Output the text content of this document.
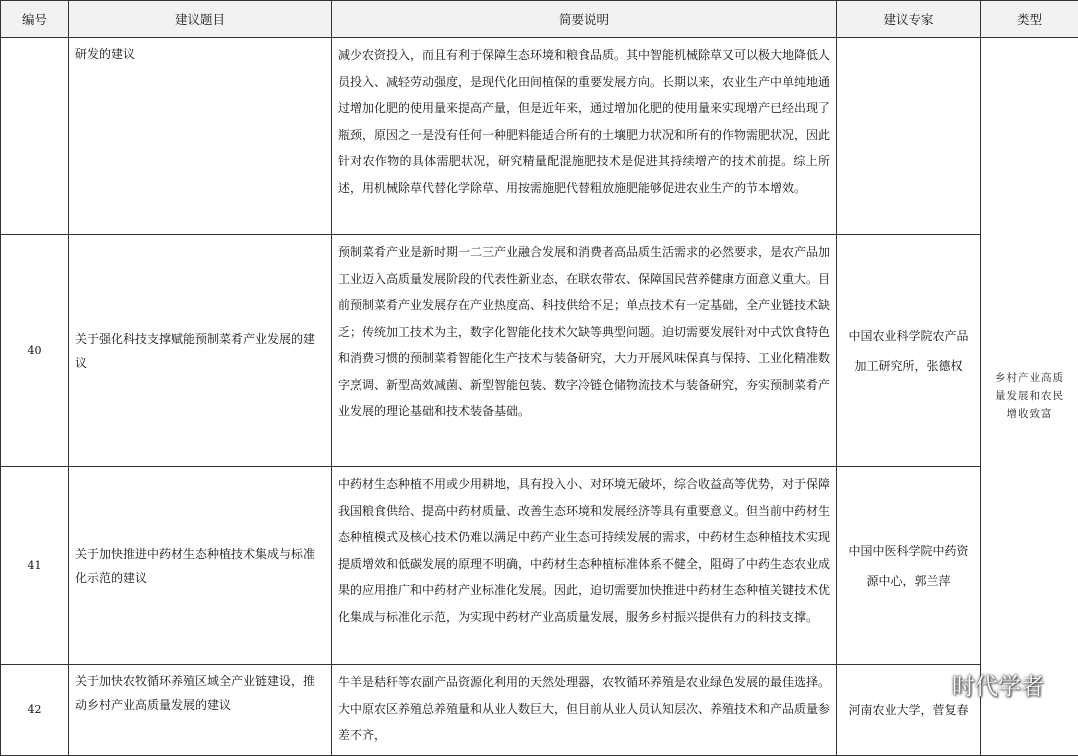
编号	建议题目	简要说明	建议专家	类型
	研发的建议	减少农资投入，而且有利于保障生态环境和粮食品质。其中智能机械除草又可以极大地降低人员投入、减轻劳动强度，是现代化田间植保的重要发展方向。长期以来，农业生产中单纯地通过增加化肥的使用量来提高产量，但是近年来，通过增加化肥的使用量来实现增产已经出现了瓶颈，原因之一是没有任何一种肥料能适合所有的土壤肥力状况和所有的作物需肥状况，因此针对农作物的具体需肥状况，研究精量配混施肥技术是促进其持续增产的技术前提。综上所述，用机械除草代替化学除草、用按需施肥代替粗放施肥能够促进农业生产的节本增效。		乡村产业高质量发展和农民增收致富
40	关于强化科技支撑赋能预制菜肴产业发展的建议	预制菜肴产业是新时期一二三产业融合发展和消费者高品质生活需求的必然要求，是农产品加工业迈入高质量发展阶段的代表性新业态，在联农带农、保障国民营养健康方面意义重大。目前预制菜肴产业发展存在产业热度高、科技供给不足；单点技术有一定基础，全产业链技术缺乏；传统加工技术为主，数字化智能化技术欠缺等典型问题。迫切需要发展针对中式饮食特色和消费习惯的预制菜肴智能化生产技术与装备研究，大力开展风味保真与保持、工业化精准数字烹调、新型高效减菌、新型智能包装、数字冷链仓储物流技术与装备研究，夯实预制菜肴产业发展的理论基础和技术装备基础。	中国农业科学院农产品加工研究所，张德权	
41	关于加快推进中药材生态种植技术集成与标准化示范的建议	中药材生态种植不用或少用耕地，具有投入小、对环境无破坏，综合收益高等优势，对于保障我国粮食供给、提高中药材质量、改善生态环境和发展经济等具有重要意义。但当前中药材生态种植模式及核心技术仍难以满足中药产业生态可持续发展的需求，中药材生态种植技术实现提质增效和低碳发展的原理不明确，中药材生态种植标准体系不健全，阻碍了中药生态农业成果的应用推广和中药材产业标准化发展。因此，迫切需要加快推进中药材生态种植关键技术优化集成与标准化示范，为实现中药材产业高质量发展，服务乡村振兴提供有力的科技支撑。	中国中医科学院中药资源中心，郭兰萍	
42	关于加快农牧循环养殖区域全产业链建设，推动乡村产业高质量发展的建议	牛羊是秸秆等农副产品资源化利用的天然处理器，农牧循环养殖是农业绿色发展的最佳选择。大中原农区养殖总养殖量和从业人数巨大，但目前从业人员认知层次、养殖技术和产品质量参差不齐，	河南农业大学，菅复春	
时代学者
